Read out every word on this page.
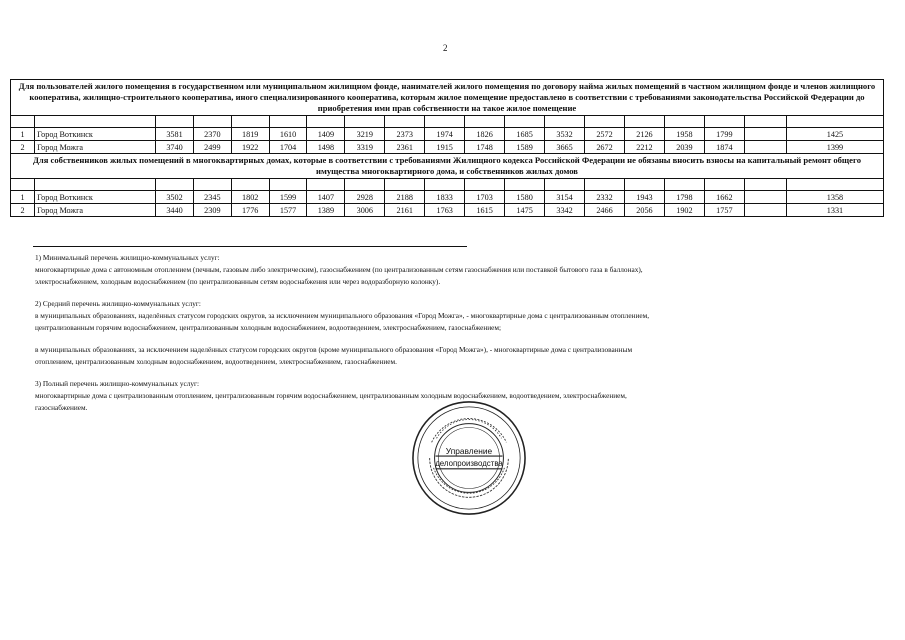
2
Для пользователей жилого помещения в государственном или муниципальном жилищном фонде, нанимателей жилого помещения по договору найма жилых помещений в частном жилищном фонде и членов жилищного кооператива, жилищно-строительного кооператива, иного специализированного кооператива, которым жилое помещение предоставлено в соответствии с требованиями законодательства Российской Федерации до приобретения ими прав собственности на такое жилое помещение																		

1	Город Воткинск	3581	2370	1819	1610	1409	3219	2373	1974	1826	1685	3532	2572	2126	1958	1799		1425
2	Город Можга	3740	2499	1922	1704	1498	3319	2361	1915	1748	1589	3665	2672	2212	2039	1874		1399
Для собственников жилых помещений в многоквартирных домах, которые в соответствии с требованиями Жилищного кодекса Российской Федерации не обязаны вносить взносы на капитальный ремонт общего имущества многоквартирного дома, и собственников жилых домов																		

1	Город Воткинск	3502	2345	1802	1599	1407	2928	2188	1833	1703	1580	3154	2332	1943	1798	1662		1358
2	Город Можга	3440	2309	1776	1577	1389	3006	2161	1763	1615	1475	3342	2466	2056	1902	1757		1331

1) Минимальный перечень жилищно-коммунальных услуг:

многоквартирные дома с автономным отоплением (печным, газовым либо электрическим), газоснабжением (по централизованным сетям газоснабжения или поставкой бытового газа в баллонах),

электроснабжением, холодным водоснабжением (по централизованным сетям водоснабжения или через водоразборную колонку).

2) Средний перечень жилищно-коммунальных услуг:

в муниципальных образованиях, наделённых статусом городских округов, за исключением муниципального образования «Город Можга», - многоквартирные дома с централизованным отоплением,

централизованным горячим водоснабжением, централизованным холодным водоснабжением, водоотведением, электроснабжением, газоснабжением;

в муниципальных образованиях, за исключением наделённых статусом городских округов (кроме муниципального образования «Город Можга»), - многоквартирные дома с централизованным

отоплением, централизованным холодным водоснабжением, водоотведением, электроснабжением, газоснабжением.

3) Полный перечень жилищно-коммунальных услуг:

многоквартирные дома с централизованным отоплением, централизованным горячим водоснабжением, централизованным холодным водоснабжением, водоотведением, электроснабжением,

газоснабжением.

Управление
делопроизводства
